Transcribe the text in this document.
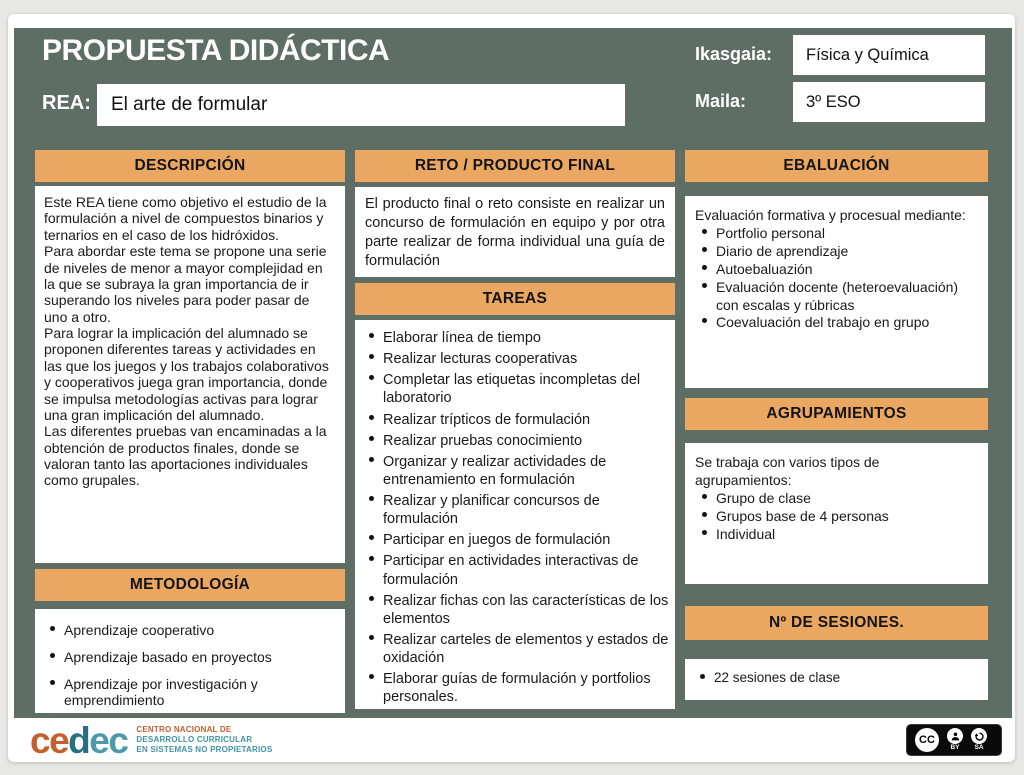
PROPUESTA DIDÁCTICA
REA: El arte de formular
Ikasgaia: Física y Química
Maila:	3º ESO
DESCRIPCIÓN

Este REA tiene como objetivo el estudio de la formulación a nivel de compuestos binarios y ternarios en el caso de los hidróxidos.

Para abordar este tema se propone una serie de niveles de menor a mayor complejidad en la que se subraya la gran importancia de ir superando los niveles para poder pasar de uno a otro.

Para lograr la implicación del alumnado se proponen diferentes tareas y actividades en las que los juegos y los trabajos colaborativos y cooperativos juega gran importancia, donde se impulsa metodologías activas para lograr una gran implicación del alumnado.

Las diferentes pruebas van encaminadas a la obtención de productos finales, donde se valoran tanto las aportaciones individuales como grupales.

METODOLOGÍA
Aprendizaje cooperativo
Aprendizaje basado en proyectos
Aprendizaje por investigación y emprendimiento
RETO / PRODUCTO FINAL

El producto final o reto consiste en realizar un concurso de formulación en equipo y por otra parte realizar de forma individual una guía de formulación

TAREAS
Elaborar línea de tiempo
Realizar lecturas cooperativas
Completar las etiquetas incompletas del laboratorio
Realizar trípticos de formulación
Realizar pruebas conocimiento
Organizar y realizar actividades de entrenamiento en formulación
Realizar y planificar concursos de formulación
Participar en juegos de formulación
Participar en actividades interactivas de formulación
Realizar fichas con las características de los elementos
Realizar carteles de elementos y estados de oxidación
Elaborar guías de formulación y portfolios personales.
EBALUACIÓN

Evaluación formativa y procesual mediante:

Portfolio personal
Diario de aprendizaje
Autoebaluazión
Evaluación docente (heteroevaluación) con escalas y rúbricas
Coevaluación del trabajo en grupo
AGRUPAMIENTOS

Se trabaja con varios tipos de agrupamientos:

Grupo de clase
Grupos base de 4 personas
Individual
Nº DE SESIONES.
22 sesiones de clase
cedec CENTRO NACIONAL DE
DESARROLLO CURRICULAR
EN SISTEMAS NO PROPIETARIOS
CC
BY SA
